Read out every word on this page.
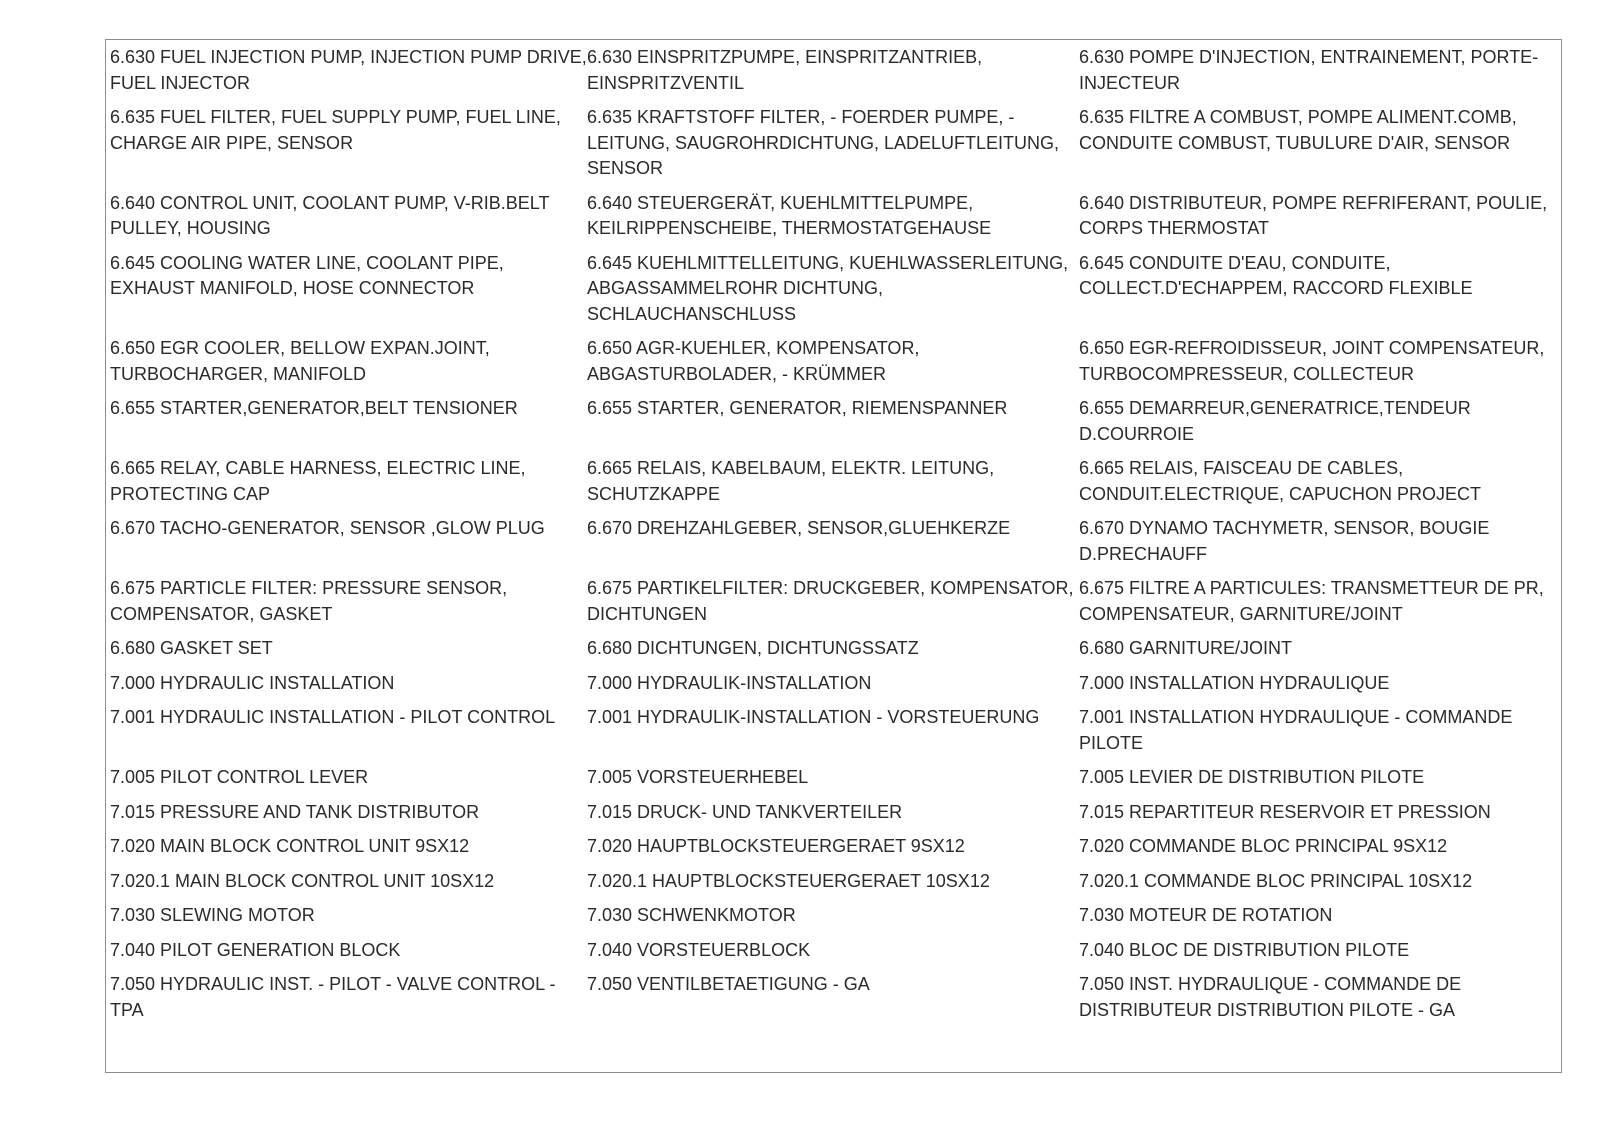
6.630 FUEL INJECTION PUMP, INJECTION PUMP DRIVE, FUEL INJECTOR	6.630 EINSPRITZPUMPE, EINSPRITZANTRIEB, EINSPRITZVENTIL	6.630 POMPE D'INJECTION, ENTRAINEMENT, PORTE-INJECTEUR
6.635 FUEL FILTER, FUEL SUPPLY PUMP, FUEL LINE, CHARGE AIR PIPE, SENSOR	6.635 KRAFTSTOFF FILTER, - FOERDER PUMPE, - LEITUNG, SAUGROHRDICHTUNG, LADELUFTLEITUNG, SENSOR	6.635 FILTRE A COMBUST, POMPE ALIMENT.COMB, CONDUITE COMBUST, TUBULURE D'AIR, SENSOR
6.640 CONTROL UNIT, COOLANT PUMP, V-RIB.BELT PULLEY, HOUSING	6.640 STEUERGERÄT, KUEHLMITTELPUMPE, KEILRIPPENSCHEIBE, THERMOSTATGEHAUSE	6.640 DISTRIBUTEUR, POMPE REFRIFERANT, POULIE, CORPS THERMOSTAT
6.645 COOLING WATER LINE, COOLANT PIPE, EXHAUST MANIFOLD, HOSE CONNECTOR	6.645 KUEHLMITTELLEITUNG, KUEHLWASSERLEITUNG, ABGASSAMMELROHR DICHTUNG, SCHLAUCHANSCHLUSS	6.645 CONDUITE D'EAU, CONDUITE, COLLECT.D'ECHAPPEM, RACCORD FLEXIBLE
6.650 EGR COOLER, BELLOW EXPAN.JOINT, TURBOCHARGER, MANIFOLD	6.650 AGR-KUEHLER, KOMPENSATOR, ABGASTURBOLADER, - KRÜMMER	6.650 EGR-REFROIDISSEUR, JOINT COMPENSATEUR, TURBOCOMPRESSEUR, COLLECTEUR
6.655 STARTER,GENERATOR,BELT TENSIONER	6.655 STARTER, GENERATOR, RIEMENSPANNER	6.655 DEMARREUR,GENERATRICE,TENDEUR D.COURROIE
6.665 RELAY, CABLE HARNESS, ELECTRIC LINE, PROTECTING CAP	6.665 RELAIS, KABELBAUM, ELEKTR. LEITUNG, SCHUTZKAPPE	6.665 RELAIS, FAISCEAU DE CABLES, CONDUIT.ELECTRIQUE, CAPUCHON PROJECT
6.670 TACHO-GENERATOR, SENSOR ,GLOW PLUG	6.670 DREHZAHLGEBER, SENSOR,GLUEHKERZE	6.670 DYNAMO TACHYMETR, SENSOR, BOUGIE D.PRECHAUFF
6.675 PARTICLE FILTER: PRESSURE SENSOR, COMPENSATOR, GASKET	6.675 PARTIKELFILTER: DRUCKGEBER, KOMPENSATOR, DICHTUNGEN	6.675 FILTRE A PARTICULES: TRANSMETTEUR DE PR, COMPENSATEUR, GARNITURE/JOINT
6.680 GASKET SET	6.680 DICHTUNGEN, DICHTUNGSSATZ	6.680 GARNITURE/JOINT
7.000 HYDRAULIC INSTALLATION	7.000 HYDRAULIK-INSTALLATION	7.000 INSTALLATION HYDRAULIQUE
7.001 HYDRAULIC INSTALLATION - PILOT CONTROL	7.001 HYDRAULIK-INSTALLATION - VORSTEUERUNG	7.001 INSTALLATION HYDRAULIQUE - COMMANDE PILOTE
7.005 PILOT CONTROL LEVER	7.005 VORSTEUERHEBEL	7.005 LEVIER DE DISTRIBUTION PILOTE
7.015 PRESSURE AND TANK DISTRIBUTOR	7.015 DRUCK- UND TANKVERTEILER	7.015 REPARTITEUR RESERVOIR ET PRESSION
7.020 MAIN BLOCK CONTROL UNIT 9SX12	7.020 HAUPTBLOCKSTEUERGERAET 9SX12	7.020 COMMANDE BLOC PRINCIPAL 9SX12
7.020.1 MAIN BLOCK CONTROL UNIT 10SX12	7.020.1 HAUPTBLOCKSTEUERGERAET 10SX12	7.020.1 COMMANDE BLOC PRINCIPAL 10SX12
7.030 SLEWING MOTOR	7.030 SCHWENKMOTOR	7.030 MOTEUR DE ROTATION
7.040 PILOT GENERATION BLOCK	7.040 VORSTEUERBLOCK	7.040 BLOC DE DISTRIBUTION PILOTE
7.050 HYDRAULIC INST. - PILOT - VALVE CONTROL - TPA	7.050 VENTILBETAETIGUNG - GA	7.050 INST. HYDRAULIQUE - COMMANDE DE DISTRIBUTEUR DISTRIBUTION PILOTE - GA
